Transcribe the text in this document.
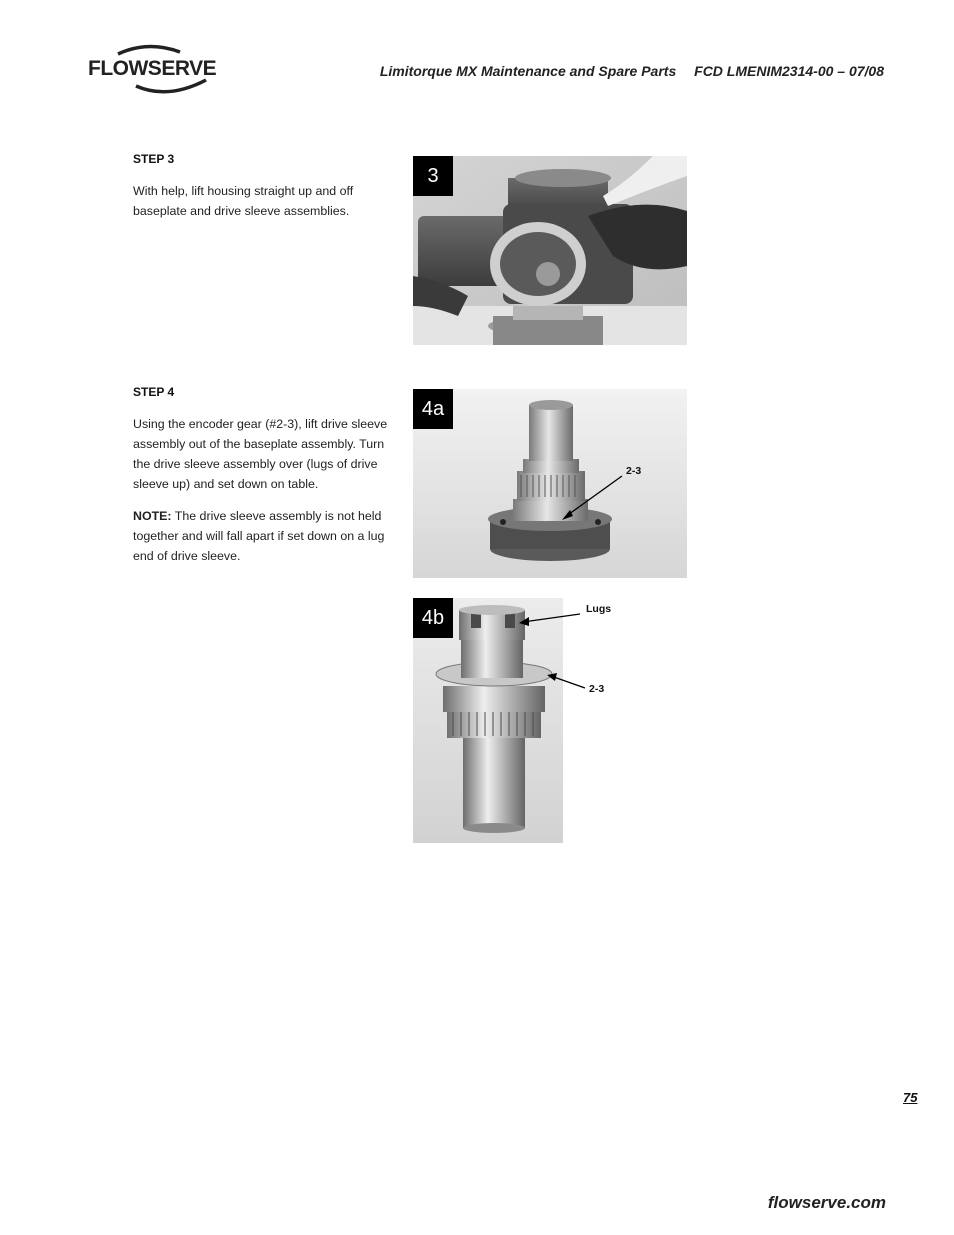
FLOWSERVE	Limitorque MX Maintenance and Spare Parts FCD LMENIM2314-00 – 07/08
STEP 3

With help, lift housing straight up and off baseplate and drive sleeve assemblies.

STEP 4

Using the encoder gear (#2-3), lift drive sleeve assembly out of the baseplate assembly. Turn the drive sleeve assembly over (lugs of drive sleeve up) and set down on table.

NOTE: The drive sleeve assembly is not held together and will fall apart if set down on a lug end of drive sleeve.

3
4a
2-3
4b	Lugs
2-3
75
flowserve.com
